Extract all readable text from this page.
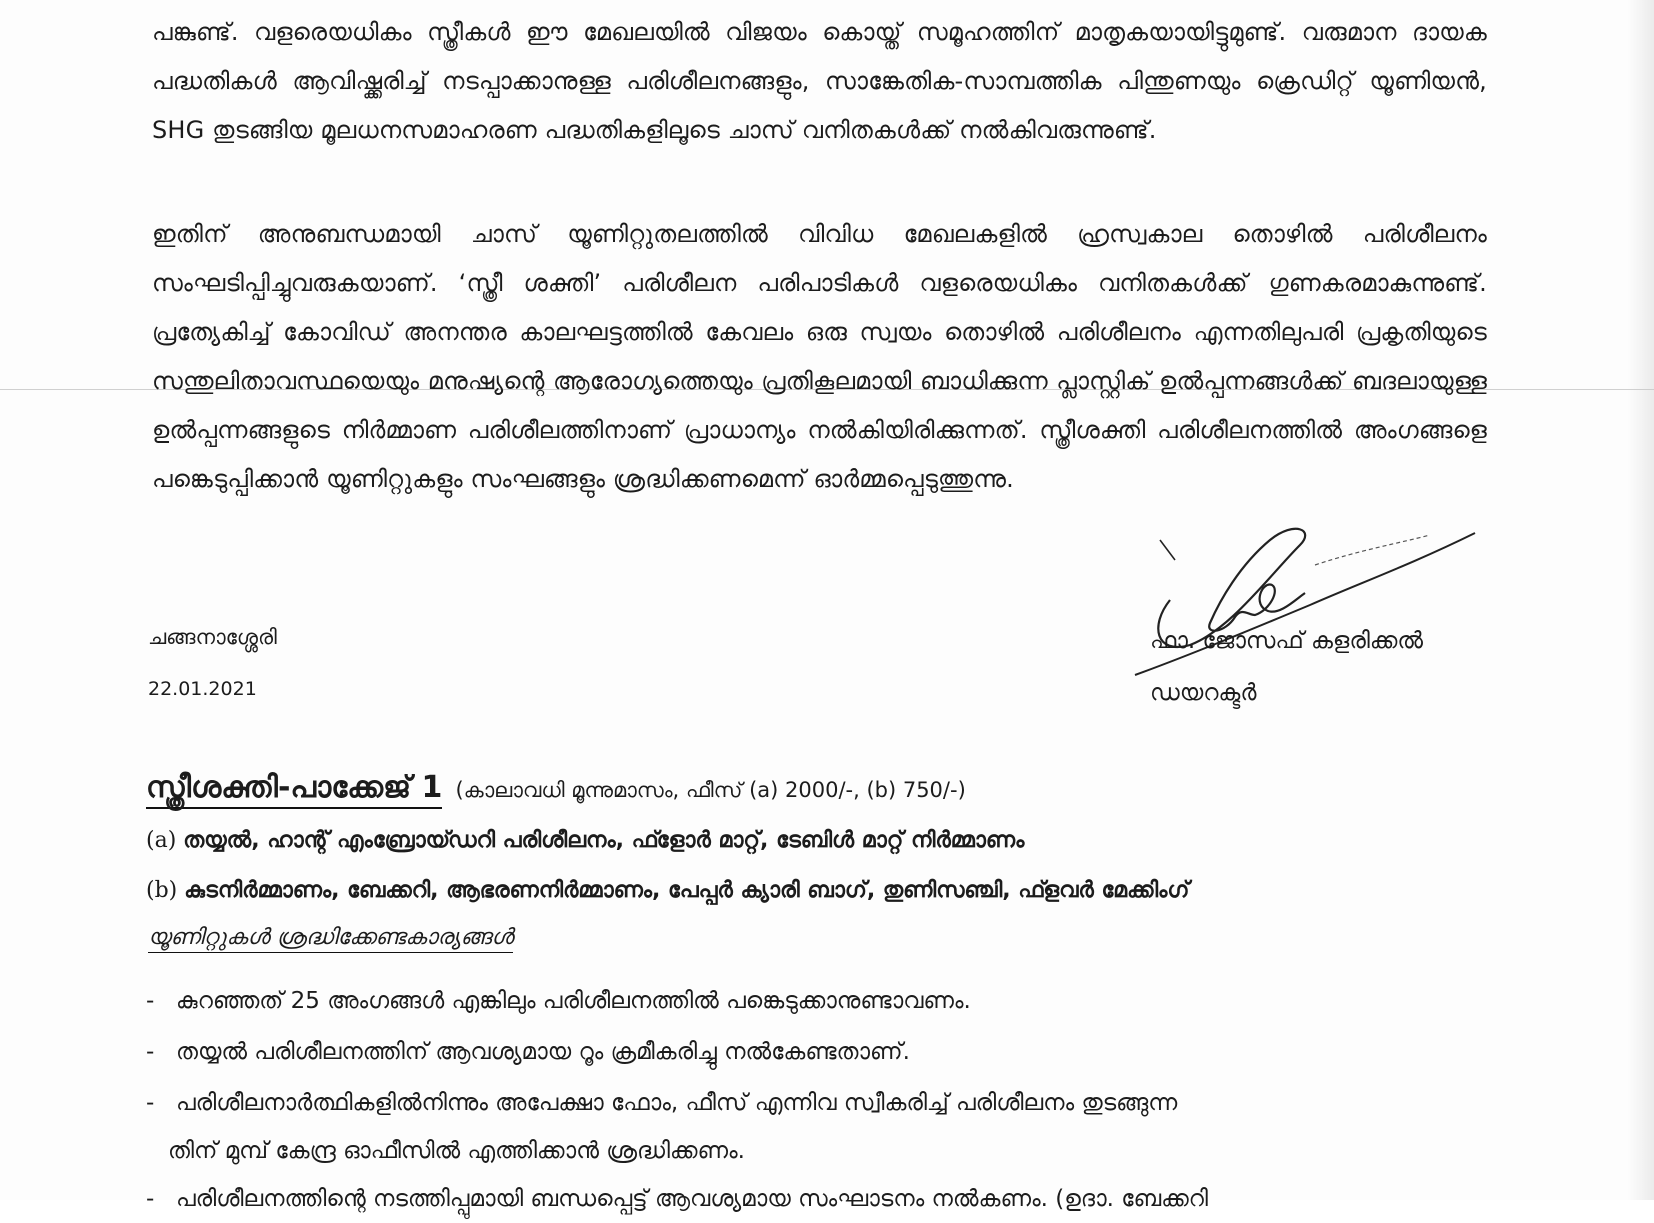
പങ്കുണ്ട്. വളരെയധികം സ്ത്രീകൾ ഈ മേഖലയിൽ വിജയം കൊയ്ത് സമൂഹത്തിന് മാതൃകയായിട്ടുമുണ്ട്. വരുമാന ദായക പദ്ധതികൾ ആവിഷ്ക്കരിച്ച് നടപ്പാക്കാനുള്ള പരിശീലനങ്ങളും, സാങ്കേതിക-സാമ്പത്തിക പിന്തുണയും ക്രെഡിറ്റ് യൂണിയൻ, SHG തുടങ്ങിയ മൂലധനസമാഹരണ പദ്ധതികളിലൂടെ ചാസ് വനിതകൾക്ക് നൽകിവരുന്നുണ്ട്.

ഇതിന് അനുബന്ധമായി ചാസ് യൂണിറ്റുതലത്തിൽ വിവിധ മേഖലകളിൽ ഹ്രസ്വകാല തൊഴിൽ പരിശീലനം സംഘടിപ്പിച്ചുവരുകയാണ്. ‘സ്ത്രീ ശക്തി’ പരിശീലന പരിപാടികൾ വളരെയധികം വനിതകൾക്ക് ഗുണകരമാകുന്നുണ്ട്. പ്രത്യേകിച്ച് കോവിഡ് അനന്തര കാലഘട്ടത്തിൽ കേവലം ഒരു സ്വയം തൊഴിൽ പരിശീലനം എന്നതിലുപരി പ്രകൃതിയുടെ സന്തുലിതാവസ്ഥയെയും മനുഷ്യന്റെ ആരോഗ്യത്തെയും പ്രതികൂലമായി ബാധിക്കുന്ന പ്ലാസ്റ്റിക് ഉൽപ്പന്നങ്ങൾക്ക് ബദലായുള്ള ഉൽപ്പന്നങ്ങളുടെ നിർമ്മാണ പരിശീലത്തിനാണ് പ്രാധാന്യം നൽകിയിരിക്കുന്നത്. സ്ത്രീശക്തി പരിശീലനത്തിൽ അംഗങ്ങളെ പങ്കെടുപ്പിക്കാൻ യൂണിറ്റുകളും സംഘങ്ങളും ശ്രദ്ധിക്കണമെന്ന് ഓർമ്മപ്പെടുത്തുന്നു.

ചങ്ങനാശ്ശേരി
22.01.2021
ഫാ. ജോസഫ് കളരിക്കൽ
ഡയറക്ടർ
സ്ത്രീശക്തി-പാക്കേജ് 1 (കാലാവധി മൂന്നുമാസം, ഫീസ് (a) 2000/-, (b) 750/-)
(a) തയ്യൽ, ഹാന്റ് എംബ്രോയ്ഡറി പരിശീലനം, ഫ്ളോർ മാറ്റ്, ടേബിൾ മാറ്റ് നിർമ്മാണം
(b) കുടനിർമ്മാണം, ബേക്കറി, ആഭരണനിർമ്മാണം, പേപ്പർ ക്യാരി ബാഗ്, തുണിസഞ്ചി, ഫ്ളവർ മേക്കിംഗ്
യൂണിറ്റുകൾ ശ്രദ്ധിക്കേണ്ടകാര്യങ്ങൾ
- കുറഞ്ഞത് 25 അംഗങ്ങൾ എങ്കിലും പരിശീലനത്തിൽ പങ്കെടുക്കാനുണ്ടാവണം.
- തയ്യൽ പരിശീലനത്തിന് ആവശ്യമായ റൂം ക്രമീകരിച്ചു നൽകേണ്ടതാണ്.
- പരിശീലനാർത്ഥികളിൽനിന്നും അപേക്ഷാ ഫോം, ഫീസ് എന്നിവ സ്വീകരിച്ച് പരിശീലനം തുടങ്ങുന്ന
തിന് മുമ്പ് കേന്ദ്ര ഓഫീസിൽ എത്തിക്കാൻ ശ്രദ്ധിക്കണം.
- പരിശീലനത്തിന്റെ നടത്തിപ്പുമായി ബന്ധപ്പെട്ട് ആവശ്യമായ സംഘാടനം നൽകണം. (ഉദാ. ബേക്കറി
